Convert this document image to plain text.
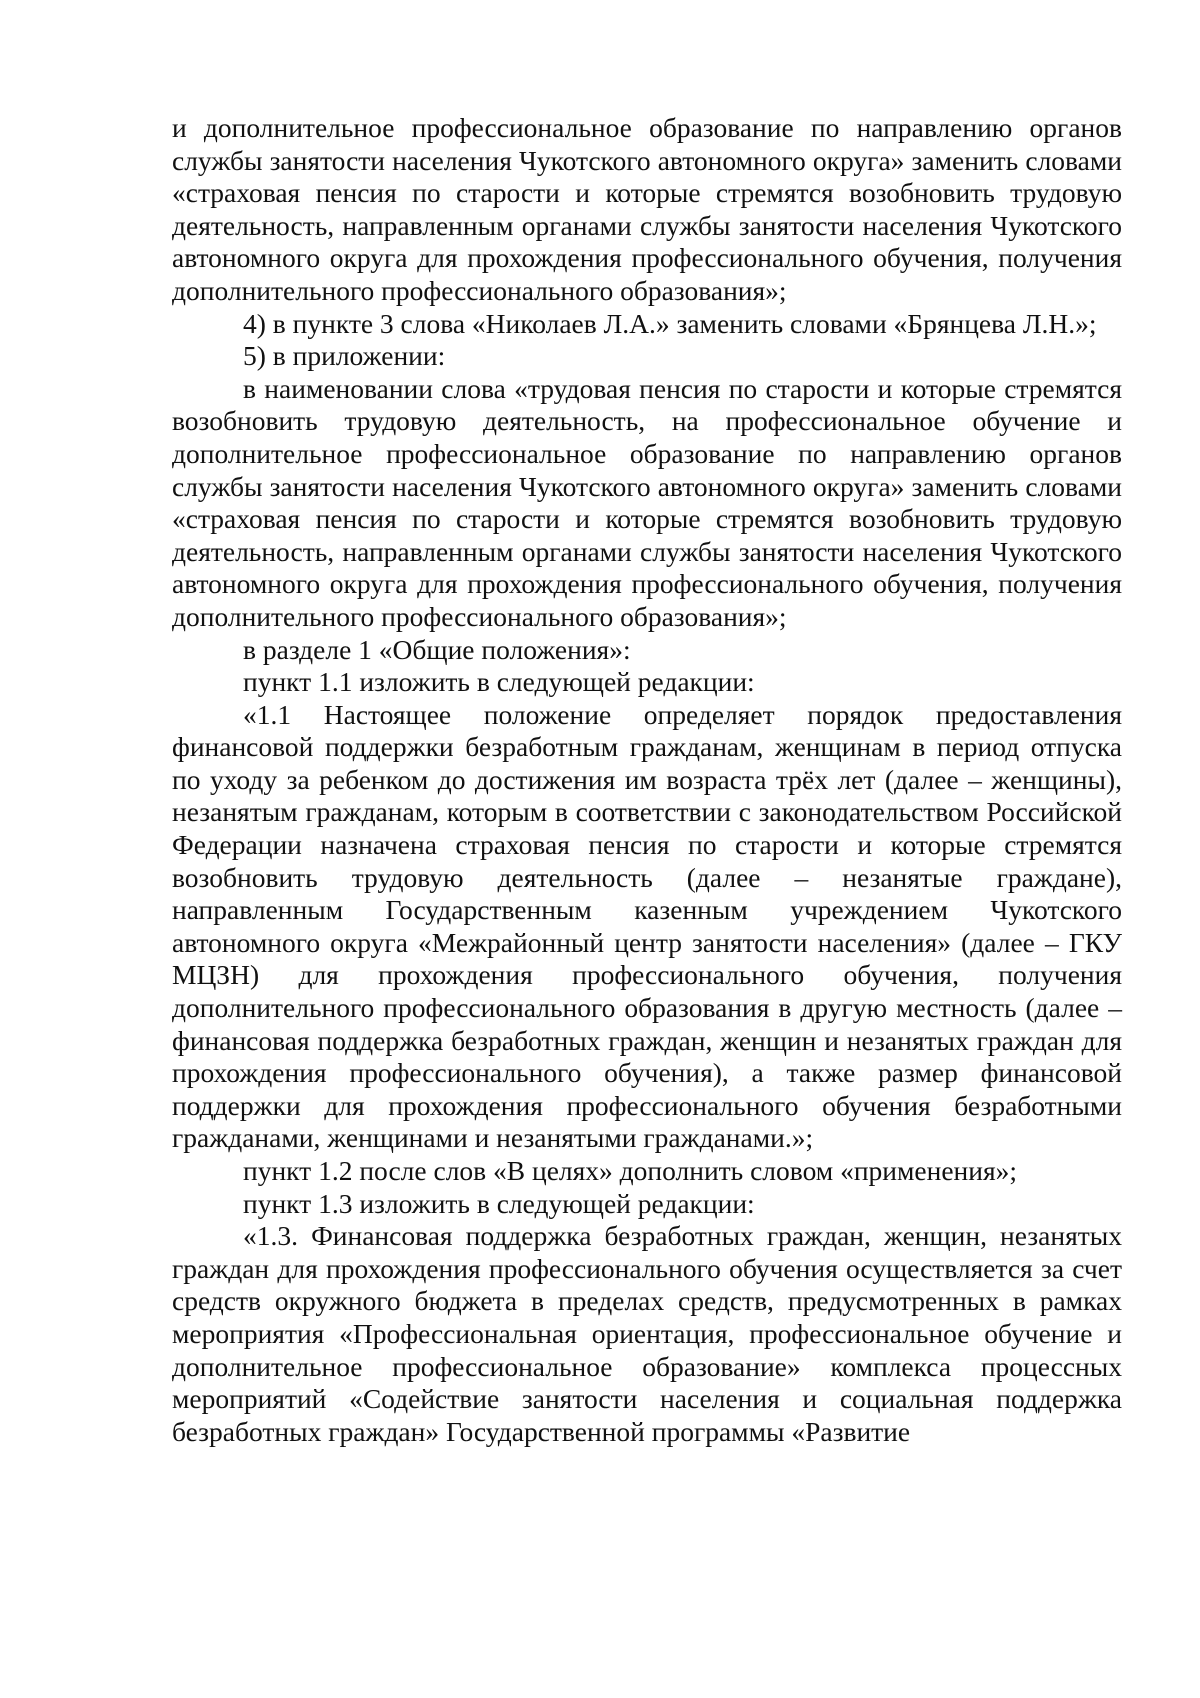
и дополнительное профессиональное образование по направлению органов службы занятости населения Чукотского автономного округа» заменить словами «страховая пенсия по старости и которые стремятся возобновить трудовую деятельность, направленным органами службы занятости населения Чукотского автономного округа для прохождения профессионального обучения, получения дополнительного профессионального образования»;

4) в пункте 3 слова «Николаев Л.А.» заменить словами «Брянцева Л.Н.»;

5) в приложении:

в наименовании слова «трудовая пенсия по старости и которые стремятся возобновить трудовую деятельность, на профессиональное обучение и дополнительное профессиональное образование по направлению органов службы занятости населения Чукотского автономного округа» заменить словами «страховая пенсия по старости и которые стремятся возобновить трудовую деятельность, направленным органами службы занятости населения Чукотского автономного округа для прохождения профессионального обучения, получения дополнительного профессионального образования»;

в разделе 1 «Общие положения»:

пункт 1.1 изложить в следующей редакции:

«1.1 Настоящее положение определяет порядок предоставления финансовой поддержки безработным гражданам, женщинам в период отпуска по уходу за ребенком до достижения им возраста трёх лет (далее – женщины), незанятым гражданам, которым в соответствии с законодательством Российской Федерации назначена страховая пенсия по старости и которые стремятся возобновить трудовую деятельность (далее – незанятые граждане), направленным Государственным казенным учреждением Чукотского автономного округа «Межрайонный центр занятости населения» (далее – ГКУ МЦЗН) для прохождения профессионального обучения, получения дополнительного профессионального образования в другую местность (далее – финансовая поддержка безработных граждан, женщин и незанятых граждан для прохождения профессионального обучения), а также размер финансовой поддержки для прохождения профессионального обучения безработными гражданами, женщинами и незанятыми гражданами.»;

пункт 1.2 после слов «В целях» дополнить словом «применения»;

пункт 1.3 изложить в следующей редакции:

«1.3. Финансовая поддержка безработных граждан, женщин, незанятых граждан для прохождения профессионального обучения осуществляется за счет средств окружного бюджета в пределах средств, предусмотренных в рамках мероприятия «Профессиональная ориентация, профессиональное обучение и дополнительное профессиональное образование» комплекса процессных мероприятий «Содействие занятости населения и социальная поддержка безработных граждан» Государственной программы «Развитие
